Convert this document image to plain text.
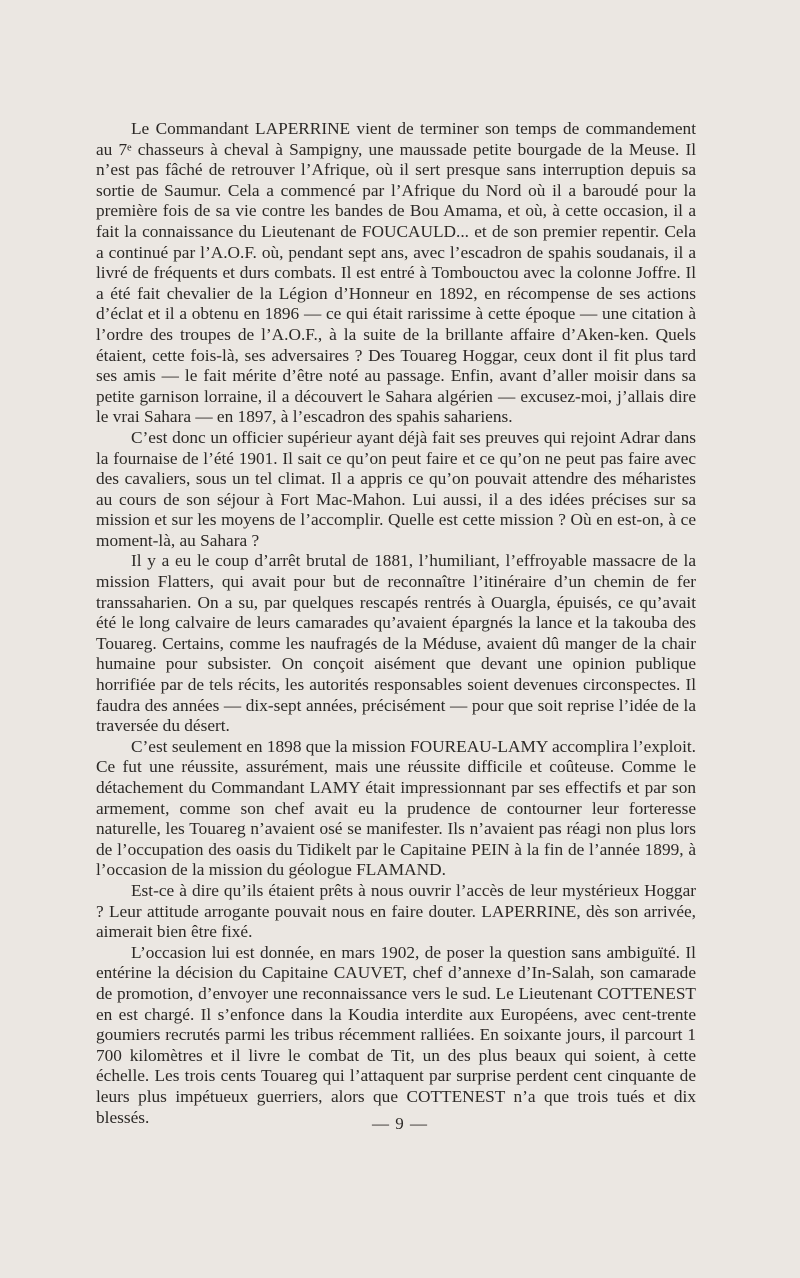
Le Commandant LAPERRINE vient de terminer son temps de commandement au 7ᵉ chasseurs à cheval à Sampigny, une maussade petite bourgade de la Meuse. Il n’est pas fâché de retrouver l’Afrique, où il sert presque sans interruption depuis sa sortie de Saumur. Cela a commencé par l’Afrique du Nord où il a baroudé pour la première fois de sa vie contre les bandes de Bou Amama, et où, à cette occasion, il a fait la connaissance du Lieutenant de FOUCAULD... et de son premier repentir. Cela a continué par l’A.O.F. où, pendant sept ans, avec l’escadron de spahis soudanais, il a livré de fréquents et durs combats. Il est entré à Tombouctou avec la colonne Joffre. Il a été fait chevalier de la Légion d’Honneur en 1892, en récompense de ses actions d’éclat et il a obtenu en 1896 — ce qui était rarissime à cette époque — une citation à l’ordre des troupes de l’A.O.F., à la suite de la brillante affaire d’Aken-ken. Quels étaient, cette fois-là, ses adversaires ? Des Touareg Hoggar, ceux dont il fit plus tard ses amis — le fait mérite d’être noté au passage. Enfin, avant d’aller moisir dans sa petite garnison lorraine, il a découvert le Sahara algérien — excusez-moi, j’allais dire le vrai Sahara — en 1897, à l’escadron des spahis sahariens.

C’est donc un officier supérieur ayant déjà fait ses preuves qui rejoint Adrar dans la fournaise de l’été 1901. Il sait ce qu’on peut faire et ce qu’on ne peut pas faire avec des cavaliers, sous un tel climat. Il a appris ce qu’on pouvait attendre des méharistes au cours de son séjour à Fort Mac-Mahon. Lui aussi, il a des idées précises sur sa mission et sur les moyens de l’accomplir. Quelle est cette mission ? Où en est-on, à ce moment-là, au Sahara ?

Il y a eu le coup d’arrêt brutal de 1881, l’humiliant, l’effroyable massacre de la mission Flatters, qui avait pour but de reconnaître l’itinéraire d’un chemin de fer transsaharien. On a su, par quelques rescapés rentrés à Ouargla, épuisés, ce qu’avait été le long calvaire de leurs camarades qu’avaient épargnés la lance et la takouba des Touareg. Certains, comme les naufragés de la Méduse, avaient dû manger de la chair humaine pour subsister. On conçoit aisément que devant une opinion publique horrifiée par de tels récits, les autorités responsables soient devenues circonspectes. Il faudra des années — dix-sept années, précisément — pour que soit reprise l’idée de la traversée du désert.

C’est seulement en 1898 que la mission FOUREAU-LAMY accomplira l’exploit. Ce fut une réussite, assurément, mais une réussite difficile et coûteuse. Comme le détachement du Commandant LAMY était impressionnant par ses effectifs et par son armement, comme son chef avait eu la prudence de contourner leur forteresse naturelle, les Touareg n’avaient osé se manifester. Ils n’avaient pas réagi non plus lors de l’occupation des oasis du Tidikelt par le Capitaine PEIN à la fin de l’année 1899, à l’occasion de la mission du géologue FLAMAND.

Est-ce à dire qu’ils étaient prêts à nous ouvrir l’accès de leur mystérieux Hoggar ? Leur attitude arrogante pouvait nous en faire douter. LAPERRINE, dès son arrivée, aimerait bien être fixé.

L’occasion lui est donnée, en mars 1902, de poser la question sans ambiguïté. Il entérine la décision du Capitaine CAUVET, chef d’annexe d’In-Salah, son camarade de promotion, d’envoyer une reconnaissance vers le sud. Le Lieutenant COTTENEST en est chargé. Il s’enfonce dans la Koudia interdite aux Européens, avec cent-trente goumiers recrutés parmi les tribus récemment ralliées. En soixante jours, il parcourt 1 700 kilomètres et il livre le combat de Tit, un des plus beaux qui soient, à cette échelle. Les trois cents Touareg qui l’attaquent par surprise perdent cent cinquante de leurs plus impétueux guerriers, alors que COTTENEST n’a que trois tués et dix blessés.	— 9 —
